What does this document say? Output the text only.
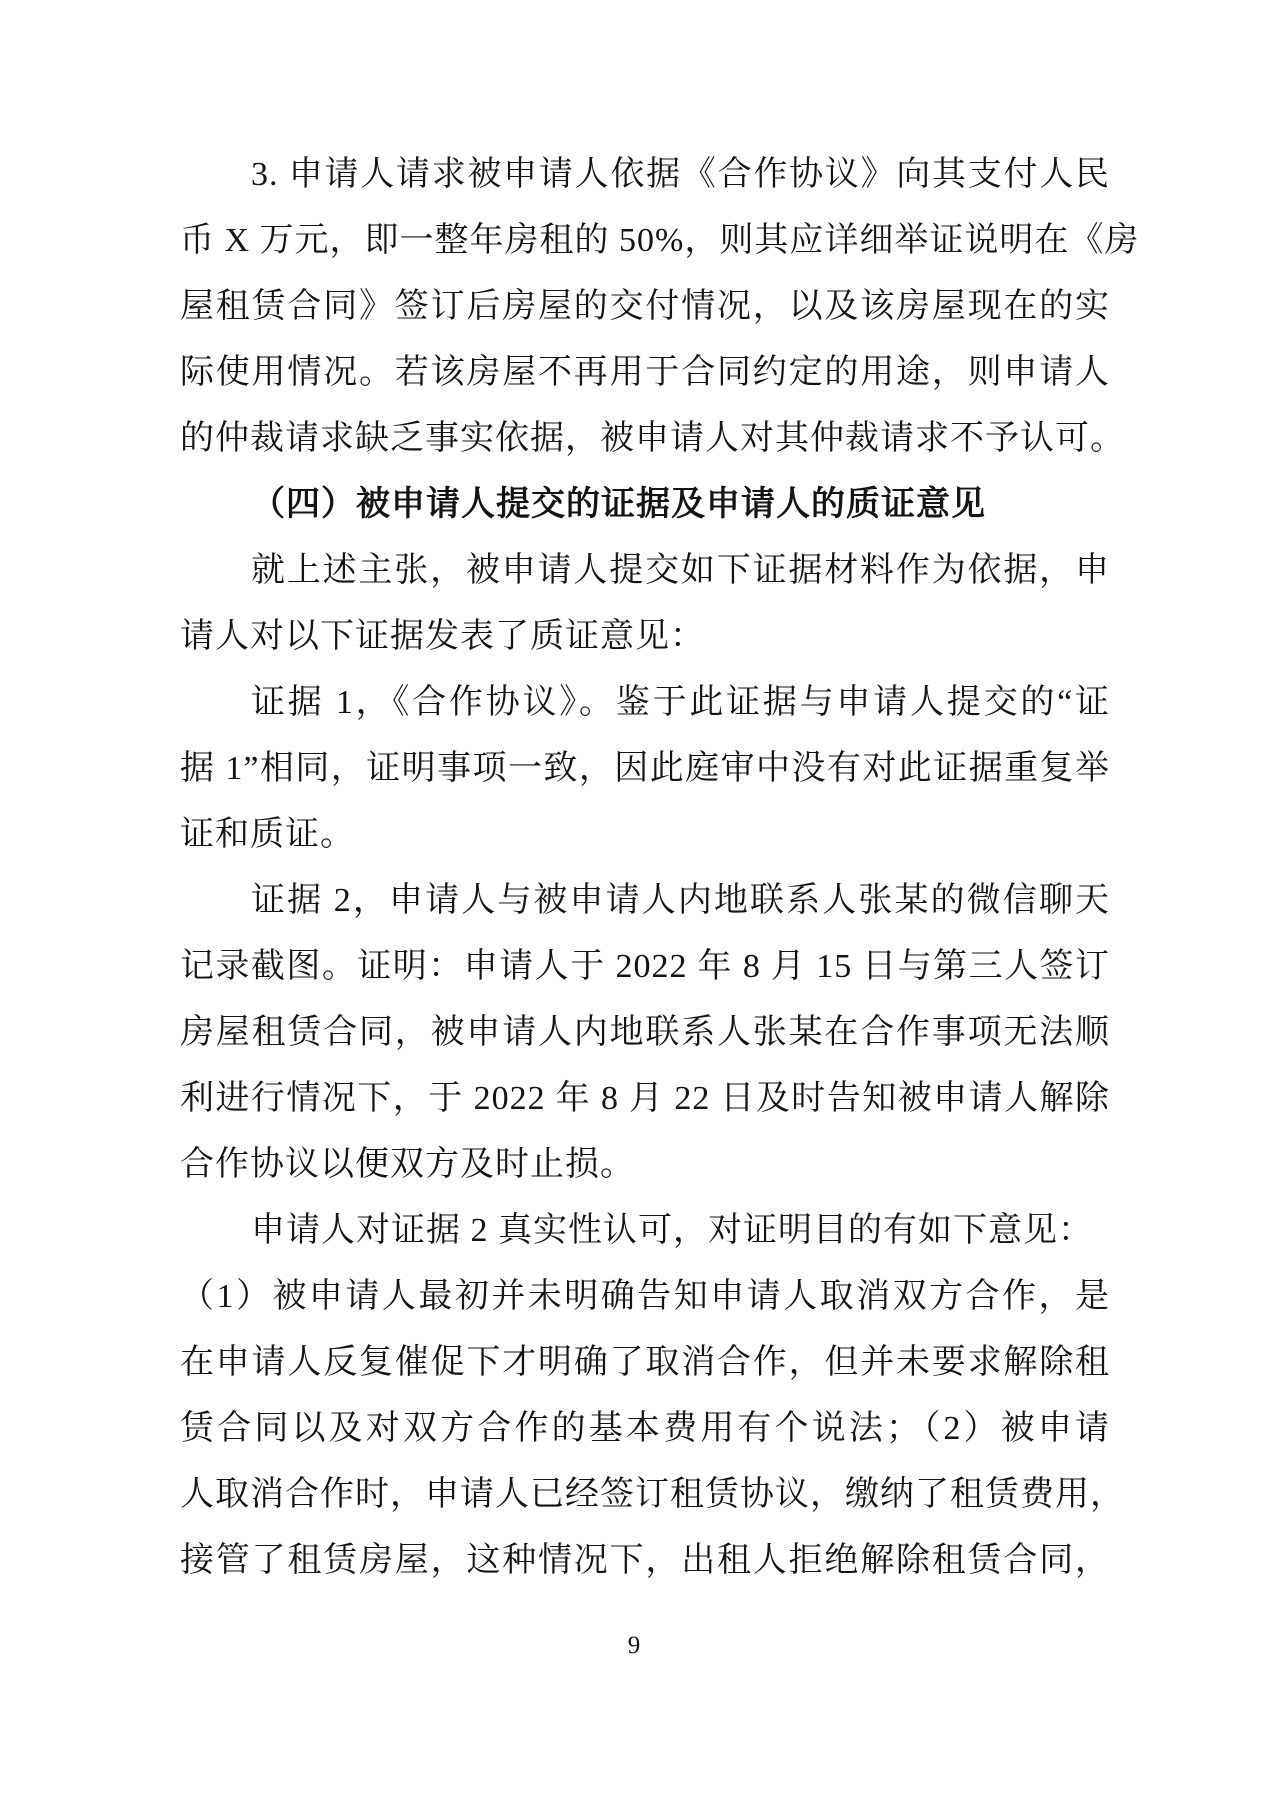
3. 申请人请求被申请人依据《合作协议》向其支付人民
币 X 万元，即一整年房租的 50%，则其应详细举证说明在《房
屋租赁合同》签订后房屋的交付情况，以及该房屋现在的实
际使用情况。若该房屋不再用于合同约定的用途，则申请人
的仲裁请求缺乏事实依据，被申请人对其仲裁请求不予认可。
（四）被申请人提交的证据及申请人的质证意见
就上述主张，被申请人提交如下证据材料作为依据，申
请人对以下证据发表了质证意见：
证据 1，《合作协议》。鉴于此证据与申请人提交的“证
据 1”相同，证明事项一致，因此庭审中没有对此证据重复举
证和质证。
证据 2，申请人与被申请人内地联系人张某的微信聊天
记录截图。证明：申请人于 2022 年 8 月 15 日与第三人签订
房屋租赁合同，被申请人内地联系人张某在合作事项无法顺
利进行情况下，于 2022 年 8 月 22 日及时告知被申请人解除
合作协议以便双方及时止损。
申请人对证据 2 真实性认可，对证明目的有如下意见：
（1）被申请人最初并未明确告知申请人取消双方合作，是
在申请人反复催促下才明确了取消合作，但并未要求解除租
赁合同以及对双方合作的基本费用有个说法；（2）被申请
人取消合作时，申请人已经签订租赁协议，缴纳了租赁费用，
接管了租赁房屋，这种情况下，出租人拒绝解除租赁合同，
9
